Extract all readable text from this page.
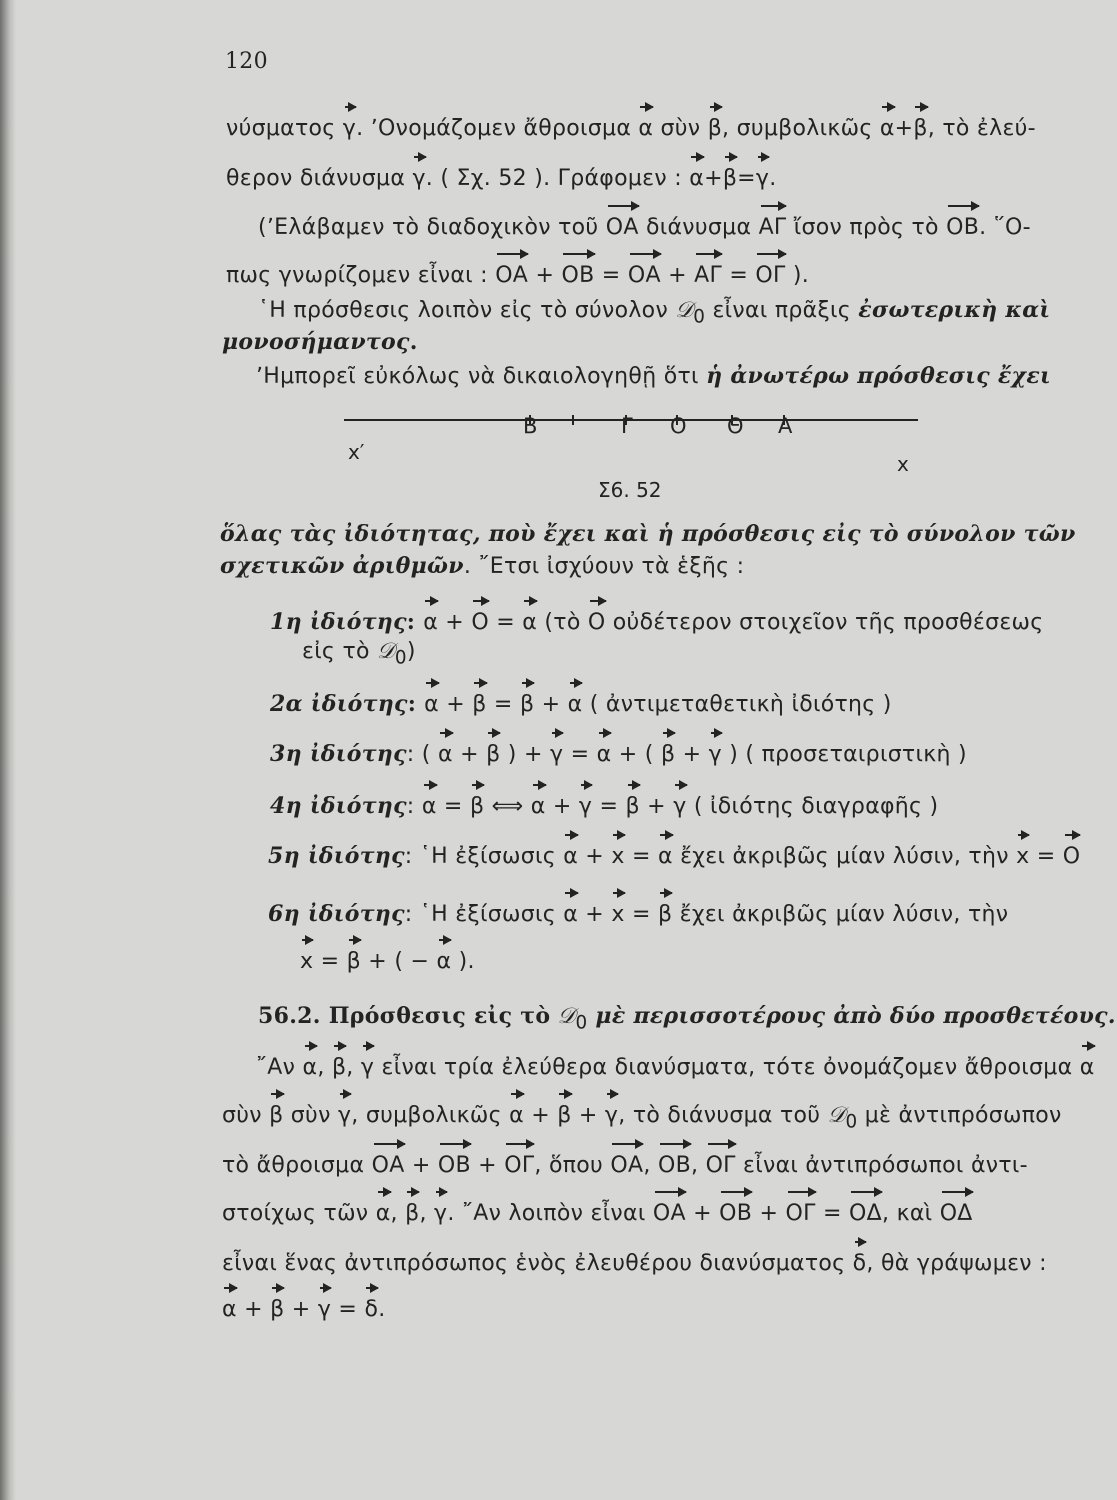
120
νύσματος γ. ʼΟνομάζομεν ἄθροισμα α σὺν β, συμβολικῶς α+β, τὸ ἐλεύ-
θερον διάνυσμα γ. ( Σχ. 52 ). Γράφομεν : α+β=γ.
(ʼΕλάβαμεν τὸ διαδοχικὸν τοῦ ΟΑ διάνυσμα ΑΓ ἴσον πρὸς τὸ ΟΒ. ῞Ο-
πως γνωρίζομεν εἶναι : ΟΑ + ΟΒ = ΟΑ + ΑΓ = ΟΓ ).
῾Η πρόσθεσις λοιπὸν εἰς τὸ σύνολον 𝒟$_0$ εἶναι πρᾶξις ἐσωτερικὴ καὶ
μονοσήμαντος.
ʼΗμπορεῖ εὐκόλως νὰ δικαιολογηθῇ ὅτι ἡ ἀνωτέρω πρόσθεσις ἔχει
Β	Γ Ο Θ Α
x′	x
Σ6. 52
ὅλας τὰς ἰδιότητας, ποὺ ἔχει καὶ ἡ πρόσθεσις εἰς τὸ σύνολον τῶν
σχετικῶν ἀριθμῶν. ῎Ετσι ἰσχύουν τὰ ἑξῆς :
1η ἰδιότης: α + Ο = α (τὸ Ο οὐδέτερον στοιχεῖον τῆς προσθέσεως
εἰς τὸ 𝒟$_0$)
2α ἰδιότης: α + β = β + α ( ἀντιμεταθετικὴ ἰδιότης )
3η ἰδιότης: ( α + β ) + γ = α + ( β + γ ) ( προσεταιριστικὴ )
4η ἰδιότης: α = β ⟺ α + γ = β + γ ( ἰδιότης διαγραφῆς )
5η ἰδιότης: ῾Η ἐξίσωσις α + x = α ἔχει ἀκριβῶς μίαν λύσιν, τὴν x = Ο
6η ἰδιότης: ῾Η ἐξίσωσις α + x = β ἔχει ἀκριβῶς μίαν λύσιν, τὴν
x = β + ( − α ).
56.2. Πρόσθεσις εἰς τὸ 𝒟$_0$ μὲ περισσοτέρους ἀπὸ δύο προσθετέους.
῎Αν α, β, γ εἶναι τρία ἐλεύθερα διανύσματα, τότε ὀνομάζομεν ἄθροισμα α
σὺν β σὺν γ, συμβολικῶς α + β + γ, τὸ διάνυσμα τοῦ 𝒟$_0$ μὲ ἀντιπρόσωπον
τὸ ἄθροισμα ΟΑ + ΟΒ + ΟΓ, ὅπου ΟΑ, ΟΒ, ΟΓ εἶναι ἀντιπρόσωποι ἀντι-
στοίχως τῶν α, β, γ. ῎Αν λοιπὸν εἶναι ΟΑ + ΟΒ + ΟΓ = ΟΔ, καὶ ΟΔ
εἶναι ἕνας ἀντιπρόσωπος ἑνὸς ἐλευθέρου διανύσματος δ, θὰ γράψωμεν :
α + β + γ = δ.
